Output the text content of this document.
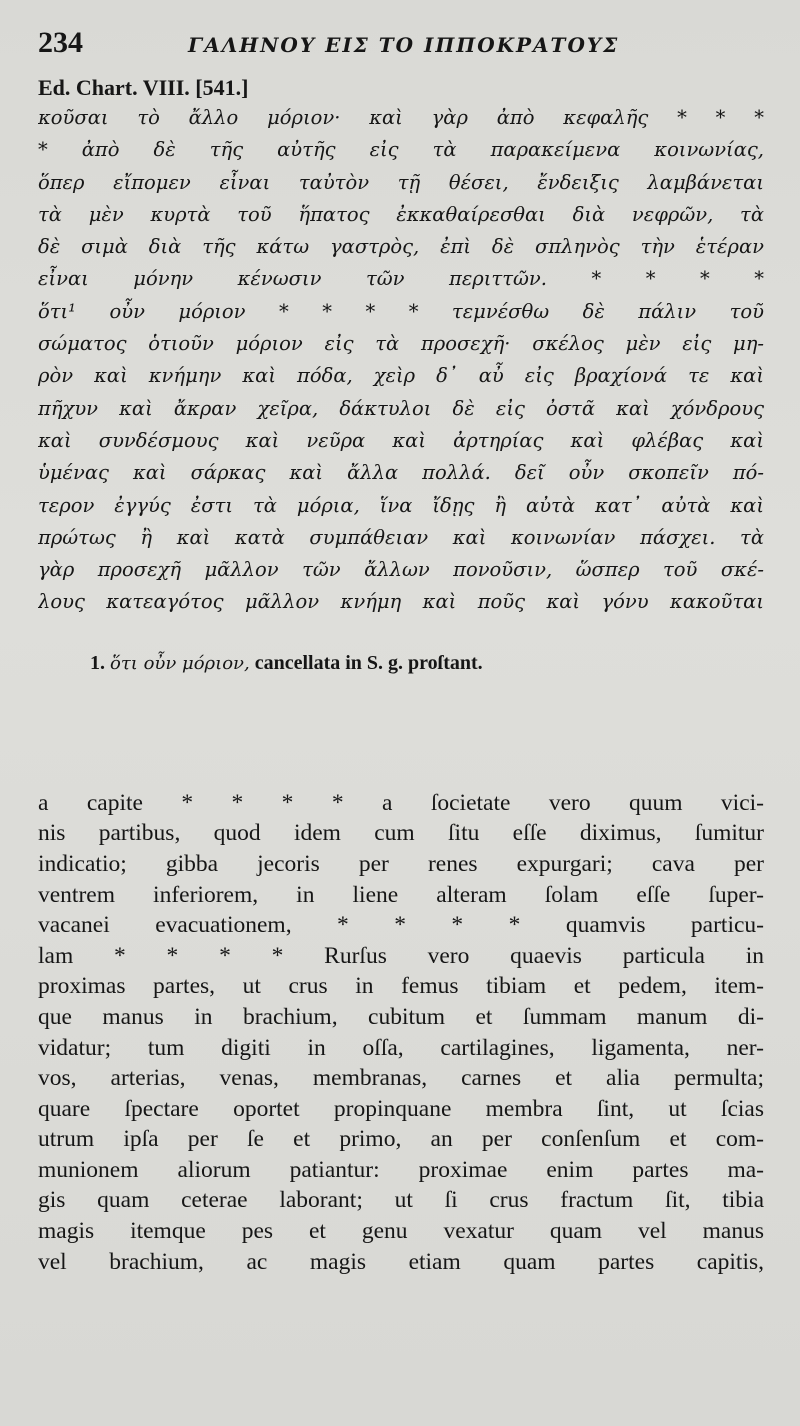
234	ΓΑΛΗΝΟΥ ΕΙΣ ΤΟ ΙΠΠΟΚΡΑΤΟΥΣ
Ed. Chart. VIII. [541.]
κοῦσαι τὸ ἄλλο μόριον· καὶ γὰρ ἀπὸ κεφαλῆς * * *
* ἀπὸ δὲ τῆς αὐτῆς εἰς τὰ παρακείμενα κοινωνίας,
ὅπερ εἴπομεν εἶναι ταὐτὸν τῇ θέσει, ἔνδειξις λαμβάνεται
τὰ μὲν κυρτὰ τοῦ ἥπατος ἐκκαθαίρεσθαι διὰ νεφρῶν, τὰ
δὲ σιμὰ διὰ τῆς κάτω γαστρὸς, ἐπὶ δὲ σπληνὸς τὴν ἑτέραν
εἶναι μόνην κένωσιν τῶν περιττῶν. * * * *
ὅτι¹ οὖν μόριον * * * * τεμνέσθω δὲ πάλιν τοῦ
σώματος ὁτιοῦν μόριον εἰς τὰ προσεχῆ· σκέλος μὲν εἰς μη-
ρὸν καὶ κνήμην καὶ πόδα, χεὶρ δ᾽ αὖ εἰς βραχίονά τε καὶ
πῆχυν καὶ ἄκραν χεῖρα, δάκτυλοι δὲ εἰς ὀστᾶ καὶ χόνδρους
καὶ συνδέσμους καὶ νεῦρα καὶ ἀρτηρίας καὶ φλέβας καὶ
ὑμένας καὶ σάρκας καὶ ἄλλα πολλά. δεῖ οὖν σκοπεῖν πό-
τερον ἐγγύς ἐστι τὰ μόρια, ἵνα ἴδῃς ἢ αὐτὰ κατ᾽ αὐτὰ καὶ
πρώτως ἢ καὶ κατὰ συμπάθειαν καὶ κοινωνίαν πάσχει. τὰ
γὰρ προσεχῆ μᾶλλον τῶν ἄλλων πονοῦσιν, ὥσπερ τοῦ σκέ-
λους κατεαγότος μᾶλλον κνήμη καὶ ποῦς καὶ γόνυ κακοῦται
1. ὅτι οὖν μόριον, cancellata in S. g. proſtant.
a capite * * * * a ſocietate vero quum vici-
nis partibus, quod idem cum ſitu eſſe diximus, ſumitur
indicatio; gibba jecoris per renes expurgari; cava per
ventrem inferiorem, in liene alteram ſolam eſſe ſuper-
vacanei evacuationem, * * * * quamvis particu-
lam * * * * Rurſus vero quaevis particula in
proximas partes, ut crus in femus tibiam et pedem, item-
que manus in brachium, cubitum et ſummam manum di-
vidatur; tum digiti in oſſa, cartilagines, ligamenta, ner-
vos, arterias, venas, membranas, carnes et alia permulta;
quare ſpectare oportet propinquane membra ſint, ut ſcias
utrum ipſa per ſe et primo, an per conſenſum et com-
munionem aliorum patiantur: proximae enim partes ma-
gis quam ceterae laborant; ut ſi crus fractum ſit, tibia
magis itemque pes et genu vexatur quam vel manus
vel brachium, ac magis etiam quam partes capitis,
